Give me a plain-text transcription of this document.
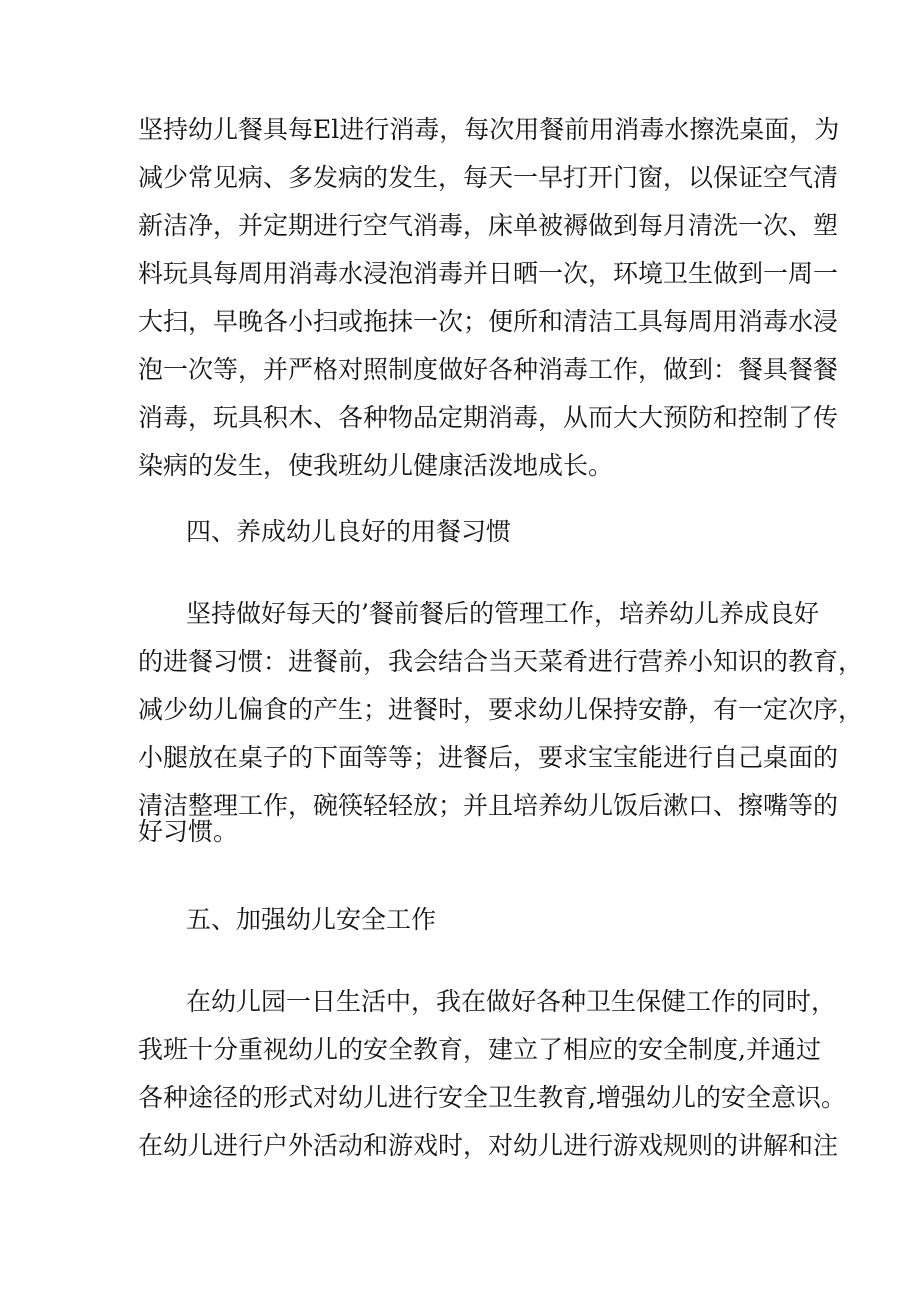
坚持幼儿餐具每El进行消毒，每次用餐前用消毒水擦洗桌面，为
减少常见病、多发病的发生，每天一早打开门窗，以保证空气清
新洁净，并定期进行空气消毒，床单被褥做到每月清洗一次、塑
料玩具每周用消毒水浸泡消毒并日晒一次，环境卫生做到一周一
大扫，早晚各小扫或拖抹一次；便所和清洁工具每周用消毒水浸
泡一次等，并严格对照制度做好各种消毒工作，做到：餐具餐餐
消毒，玩具积木、各种物品定期消毒，从而大大预防和控制了传
染病的发生，使我班幼儿健康活泼地成长。
四、养成幼儿良好的用餐习惯
坚持做好每天的’餐前餐后的管理工作，培养幼儿养成良好
的进餐习惯：进餐前，我会结合当天菜肴进行营养小知识的教育，
减少幼儿偏食的产生；进餐时，要求幼儿保持安静，有一定次序，
小腿放在桌子的下面等等；进餐后，要求宝宝能进行自己桌面的
清洁整理工作，碗筷轻轻放；并且培养幼儿饭后漱口、擦嘴等的
好习惯。
五、加强幼儿安全工作
在幼儿园一日生活中，我在做好各种卫生保健工作的同时，
我班十分重视幼儿的安全教育，建立了相应的安全制度,并通过
各种途径的形式对幼儿进行安全卫生教育,增强幼儿的安全意识。
在幼儿进行户外活动和游戏时，对幼儿进行游戏规则的讲解和注
